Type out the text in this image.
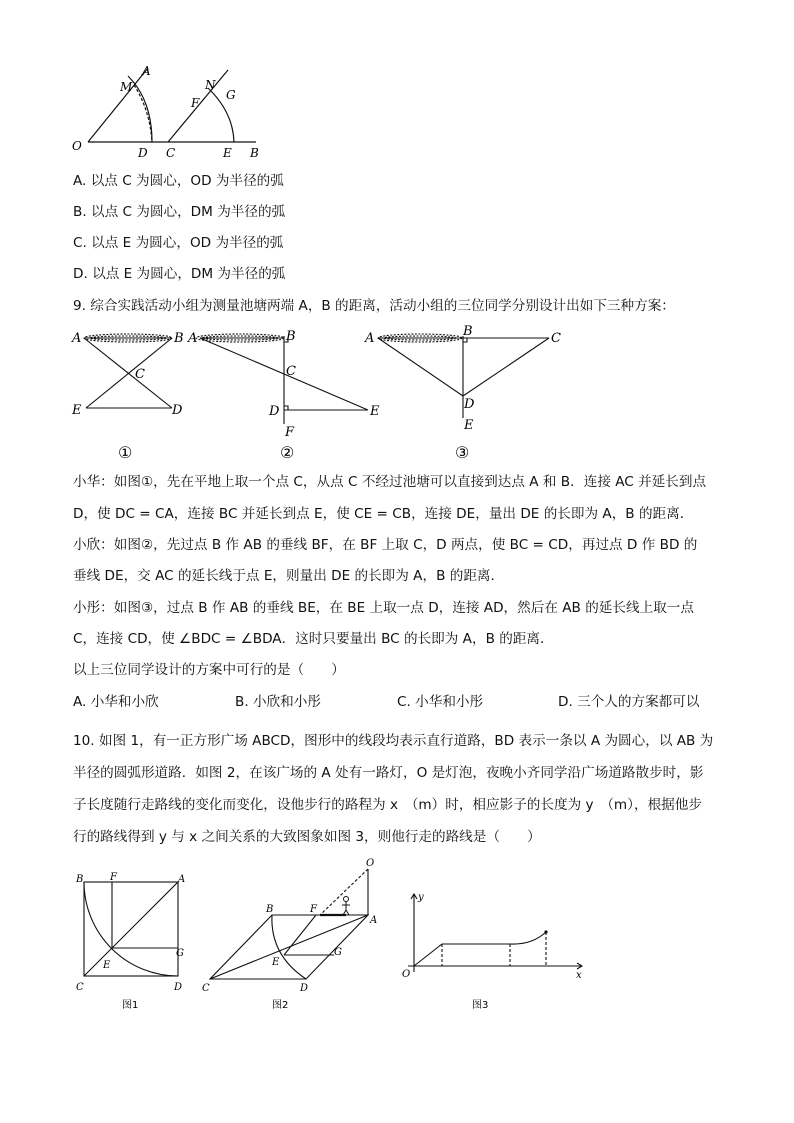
A
M
O	D C
N
F
G
E B
A. 以点 C 为圆心，OD 为半径的弧
B. 以点 C 为圆心，DM 为半径的弧
C. 以点 E 为圆心，OD 为半径的弧
D. 以点 E 为圆心，DM 为半径的弧
9. 综合实践活动小组为测量池塘两端 A，B 的距离，活动小组的三位同学分别设计出如下三种方案：
A	B
C
E	D
①
A	B
C
D	E
F
②
A	B	C
D
E
③
小华：如图①，先在平地上取一个点 C，从点 C 不经过池塘可以直接到达点 A 和 B．连接 AC 并延长到点
D，使 DC = CA，连接 BC 并延长到点 E，使 CE = CB，连接 DE，量出 DE 的长即为 A，B 的距离．
小欣：如图②，先过点 B 作 AB 的垂线 BF，在 BF 上取 C，D 两点，使 BC = CD，再过点 D 作 BD 的
垂线 DE，交 AC 的延长线于点 E，则量出 DE 的长即为 A，B 的距离．
小彤：如图③，过点 B 作 AB 的垂线 BE，在 BE 上取一点 D，连接 AD，然后在 AB 的延长线上取一点
C，连接 CD，使 ∠BDC = ∠BDA．这时只要量出 BC 的长即为 A，B 的距离．
以上三位同学设计的方案中可行的是（　　）
A. 小华和小欣	B. 小欣和小彤	C. 小华和小彤	D. 三个人的方案都可以
10. 如图 1，有一正方形广场 ABCD，图形中的线段均表示直行道路，BD 表示一条以 A 为圆心，以 AB 为
半径的圆弧形道路．如图 2，在该广场的 A 处有一路灯，O 是灯泡，夜晚小齐同学沿广场道路散步时，影
子长度随行走路线的变化而变化，设他步行的路程为 x　（m）时，相应影子的长度为 y　（m），根据他步
行的路线得到 y 与 x 之间关系的大致图象如图 3，则他行走的路线是（　　）
B	F	A
E
G
C	D
图1
O
B	F
A
E
G
C	D
图2
y
O	x
图3
